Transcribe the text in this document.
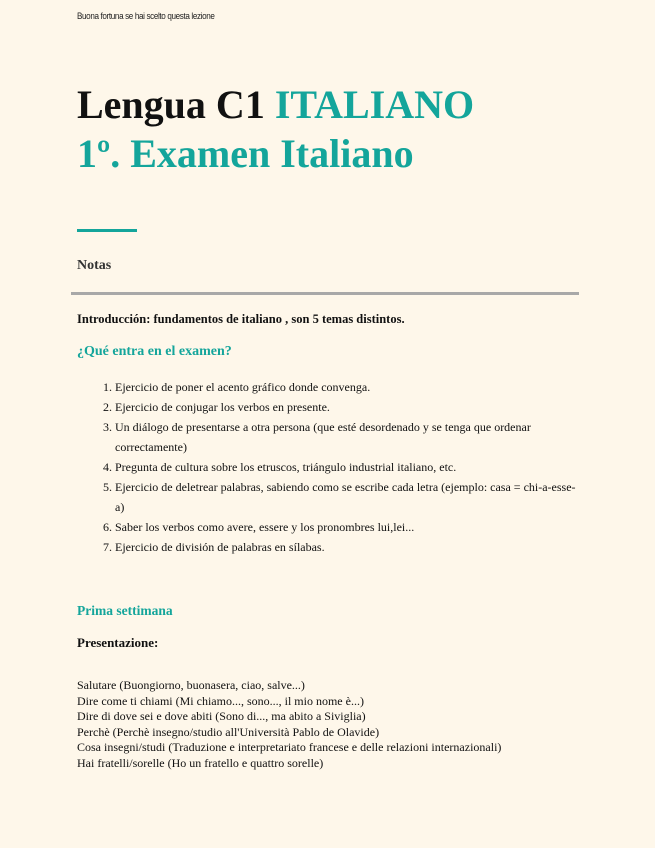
Buona fortuna se hai scelto questa lezione
Lengua C1 ITALIANO
1º. Examen Italiano
Notas
Introducción: fundamentos de italiano , son 5 temas distintos.
¿Qué entra en el examen?
1. Ejercicio de poner el acento gráfico donde convenga.
2. Ejercicio de conjugar los verbos en presente.
3. Un diálogo de presentarse a otra persona (que esté desordenado y se tenga que ordenar correctamente)
4. Pregunta de cultura sobre los etruscos, triángulo industrial italiano, etc.
5. Ejercicio de deletrear palabras, sabiendo como se escribe cada letra (ejemplo: casa = chi-a-esse-a)
6. Saber los verbos como avere, essere y los pronombres lui,lei...
7. Ejercicio de división de palabras en sílabas.
Prima settimana
Presentazione:
Salutare (Buongiorno, buonasera, ciao, salve...)
Dire come ti chiami (Mi chiamo..., sono..., il mio nome è...)
Dire di dove sei e dove abiti (Sono di..., ma abito a Siviglia)
Perchè (Perchè insegno/studio all'Università Pablo de Olavide)
Cosa insegni/studi (Traduzione e interpretariato francese e delle relazioni internazionali)
Hai fratelli/sorelle (Ho un fratello e quattro sorelle)
